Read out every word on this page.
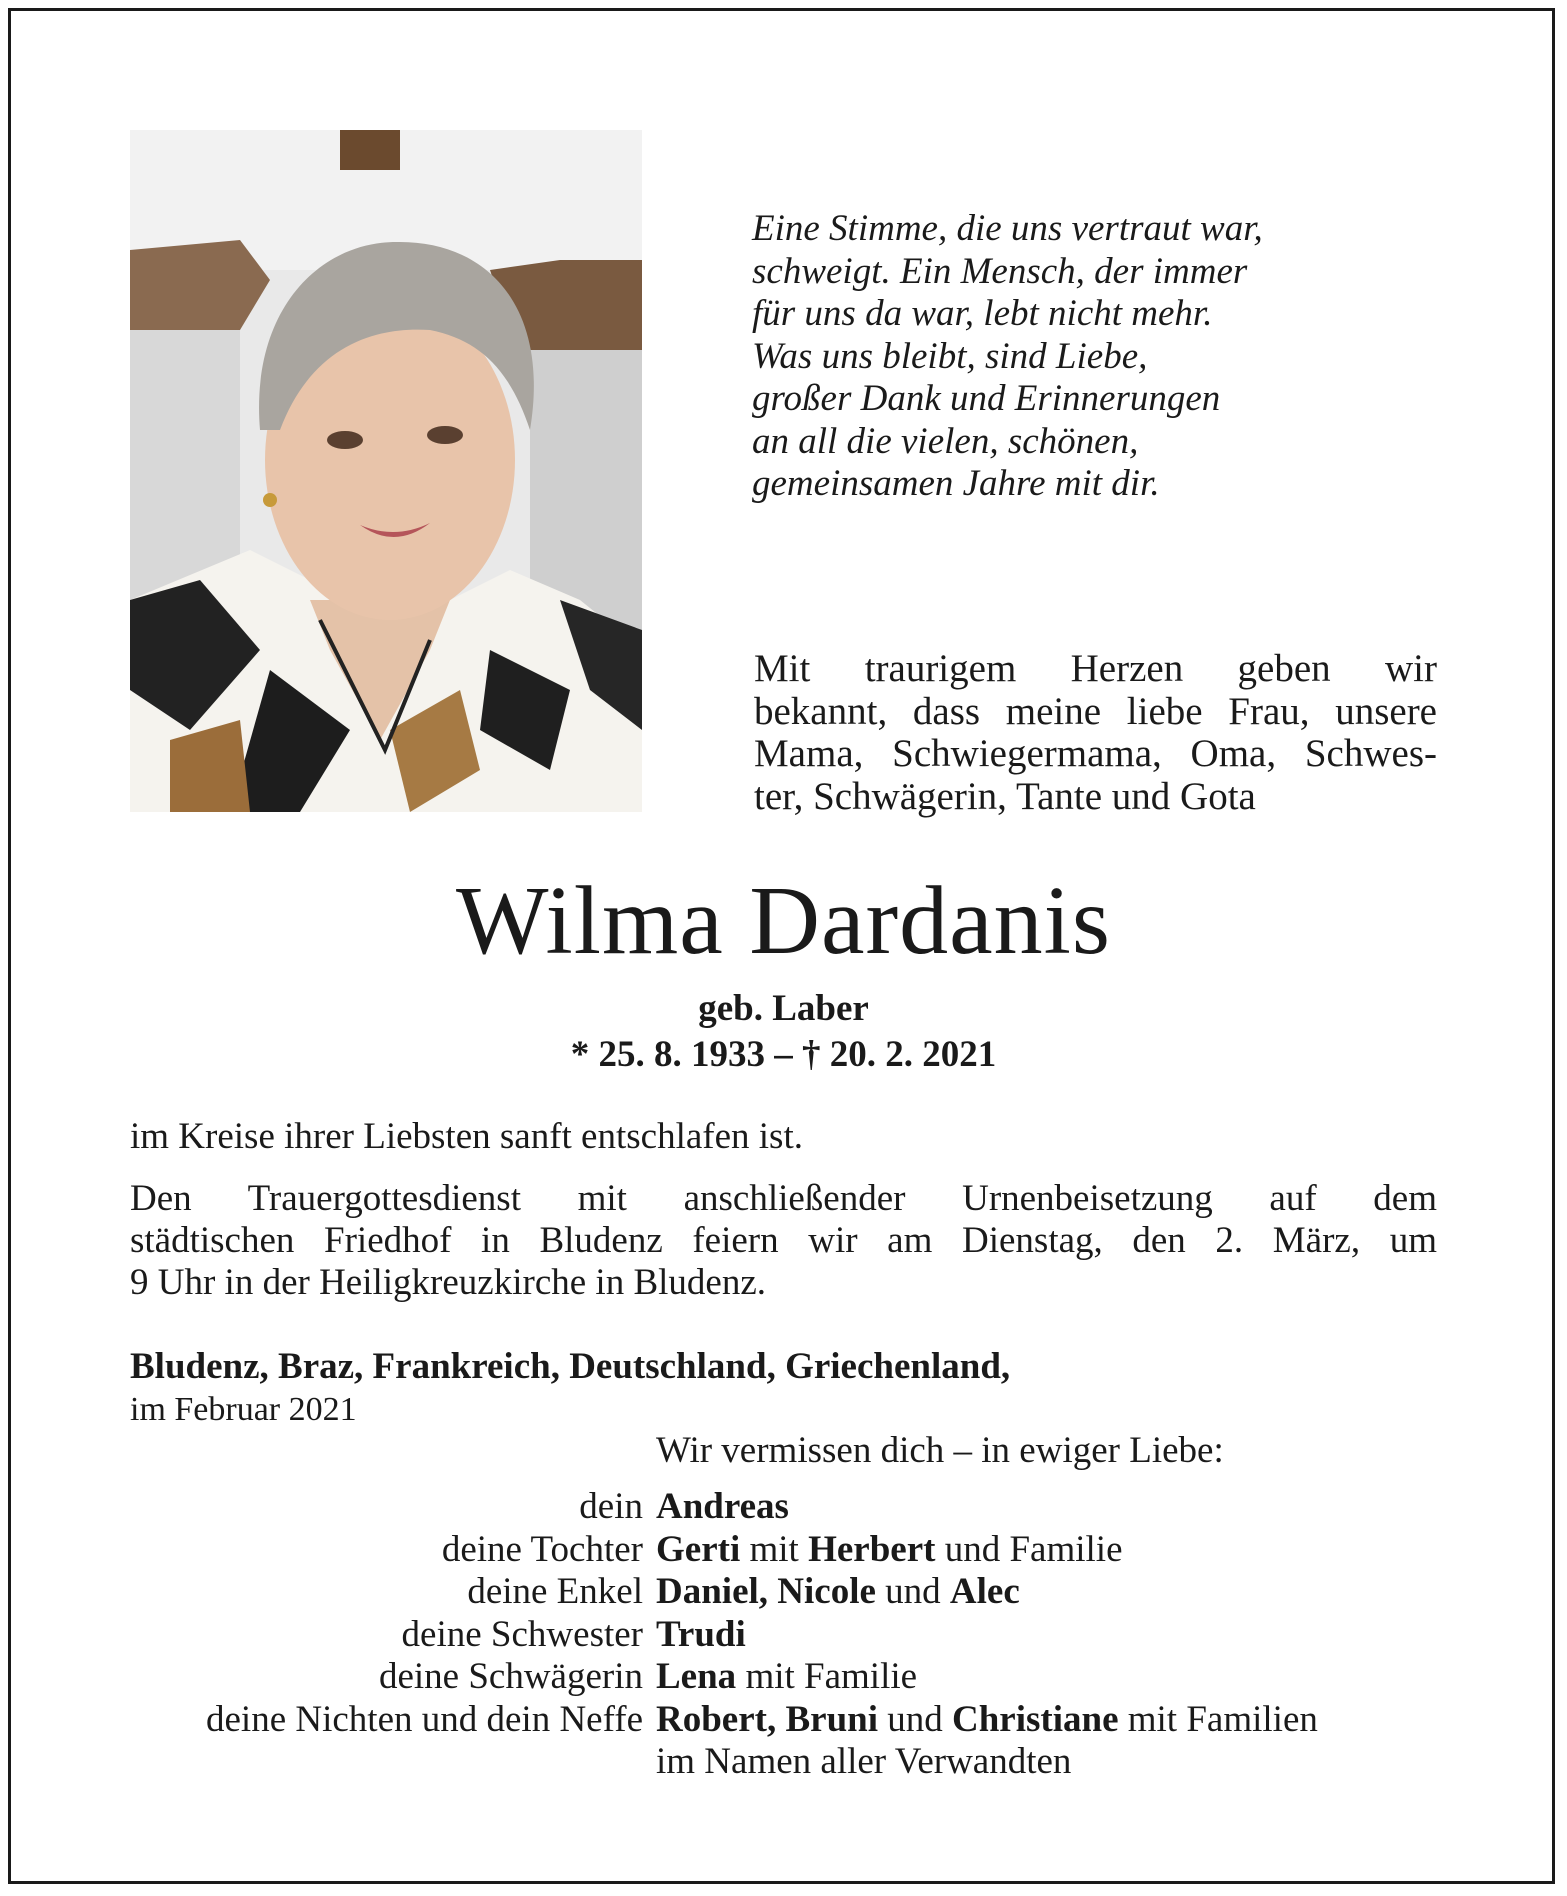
Eine Stimme, die uns vertraut war,
schweigt. Ein Mensch, der immer
für uns da war, lebt nicht mehr.
Was uns bleibt, sind Liebe,
großer Dank und Erinnerungen
an all die vielen, schönen,
gemeinsamen Jahre mit dir.
Mit traurigem Herzen geben wir
bekannt, dass meine liebe Frau, unsere
Mama, Schwiegermama, Oma, Schwes-
ter, Schwägerin, Tante und Gota
Wilma Dardanis
geb. Laber
* 25. 8. 1933 – † 20. 2. 2021
im Kreise ihrer Liebsten sanft entschlafen ist.
Den Trauergottesdienst mit anschließender Urnenbeisetzung auf dem
städtischen Friedhof in Bludenz feiern wir am Dienstag, den 2. März, um
9 Uhr in der Heiligkreuzkirche in Bludenz.
Bludenz, Braz, Frankreich, Deutschland, Griechenland,
im Februar 2021
Wir vermissen dich – in ewiger Liebe:
dein Andreas
deine Tochter Gerti mit Herbert und Familie
deine Enkel Daniel, Nicole und Alec
deine Schwester Trudi
deine Schwägerin Lena mit Familie
deine Nichten und dein Neffe Robert, Bruni und Christiane mit Familien
im Namen aller Verwandten
